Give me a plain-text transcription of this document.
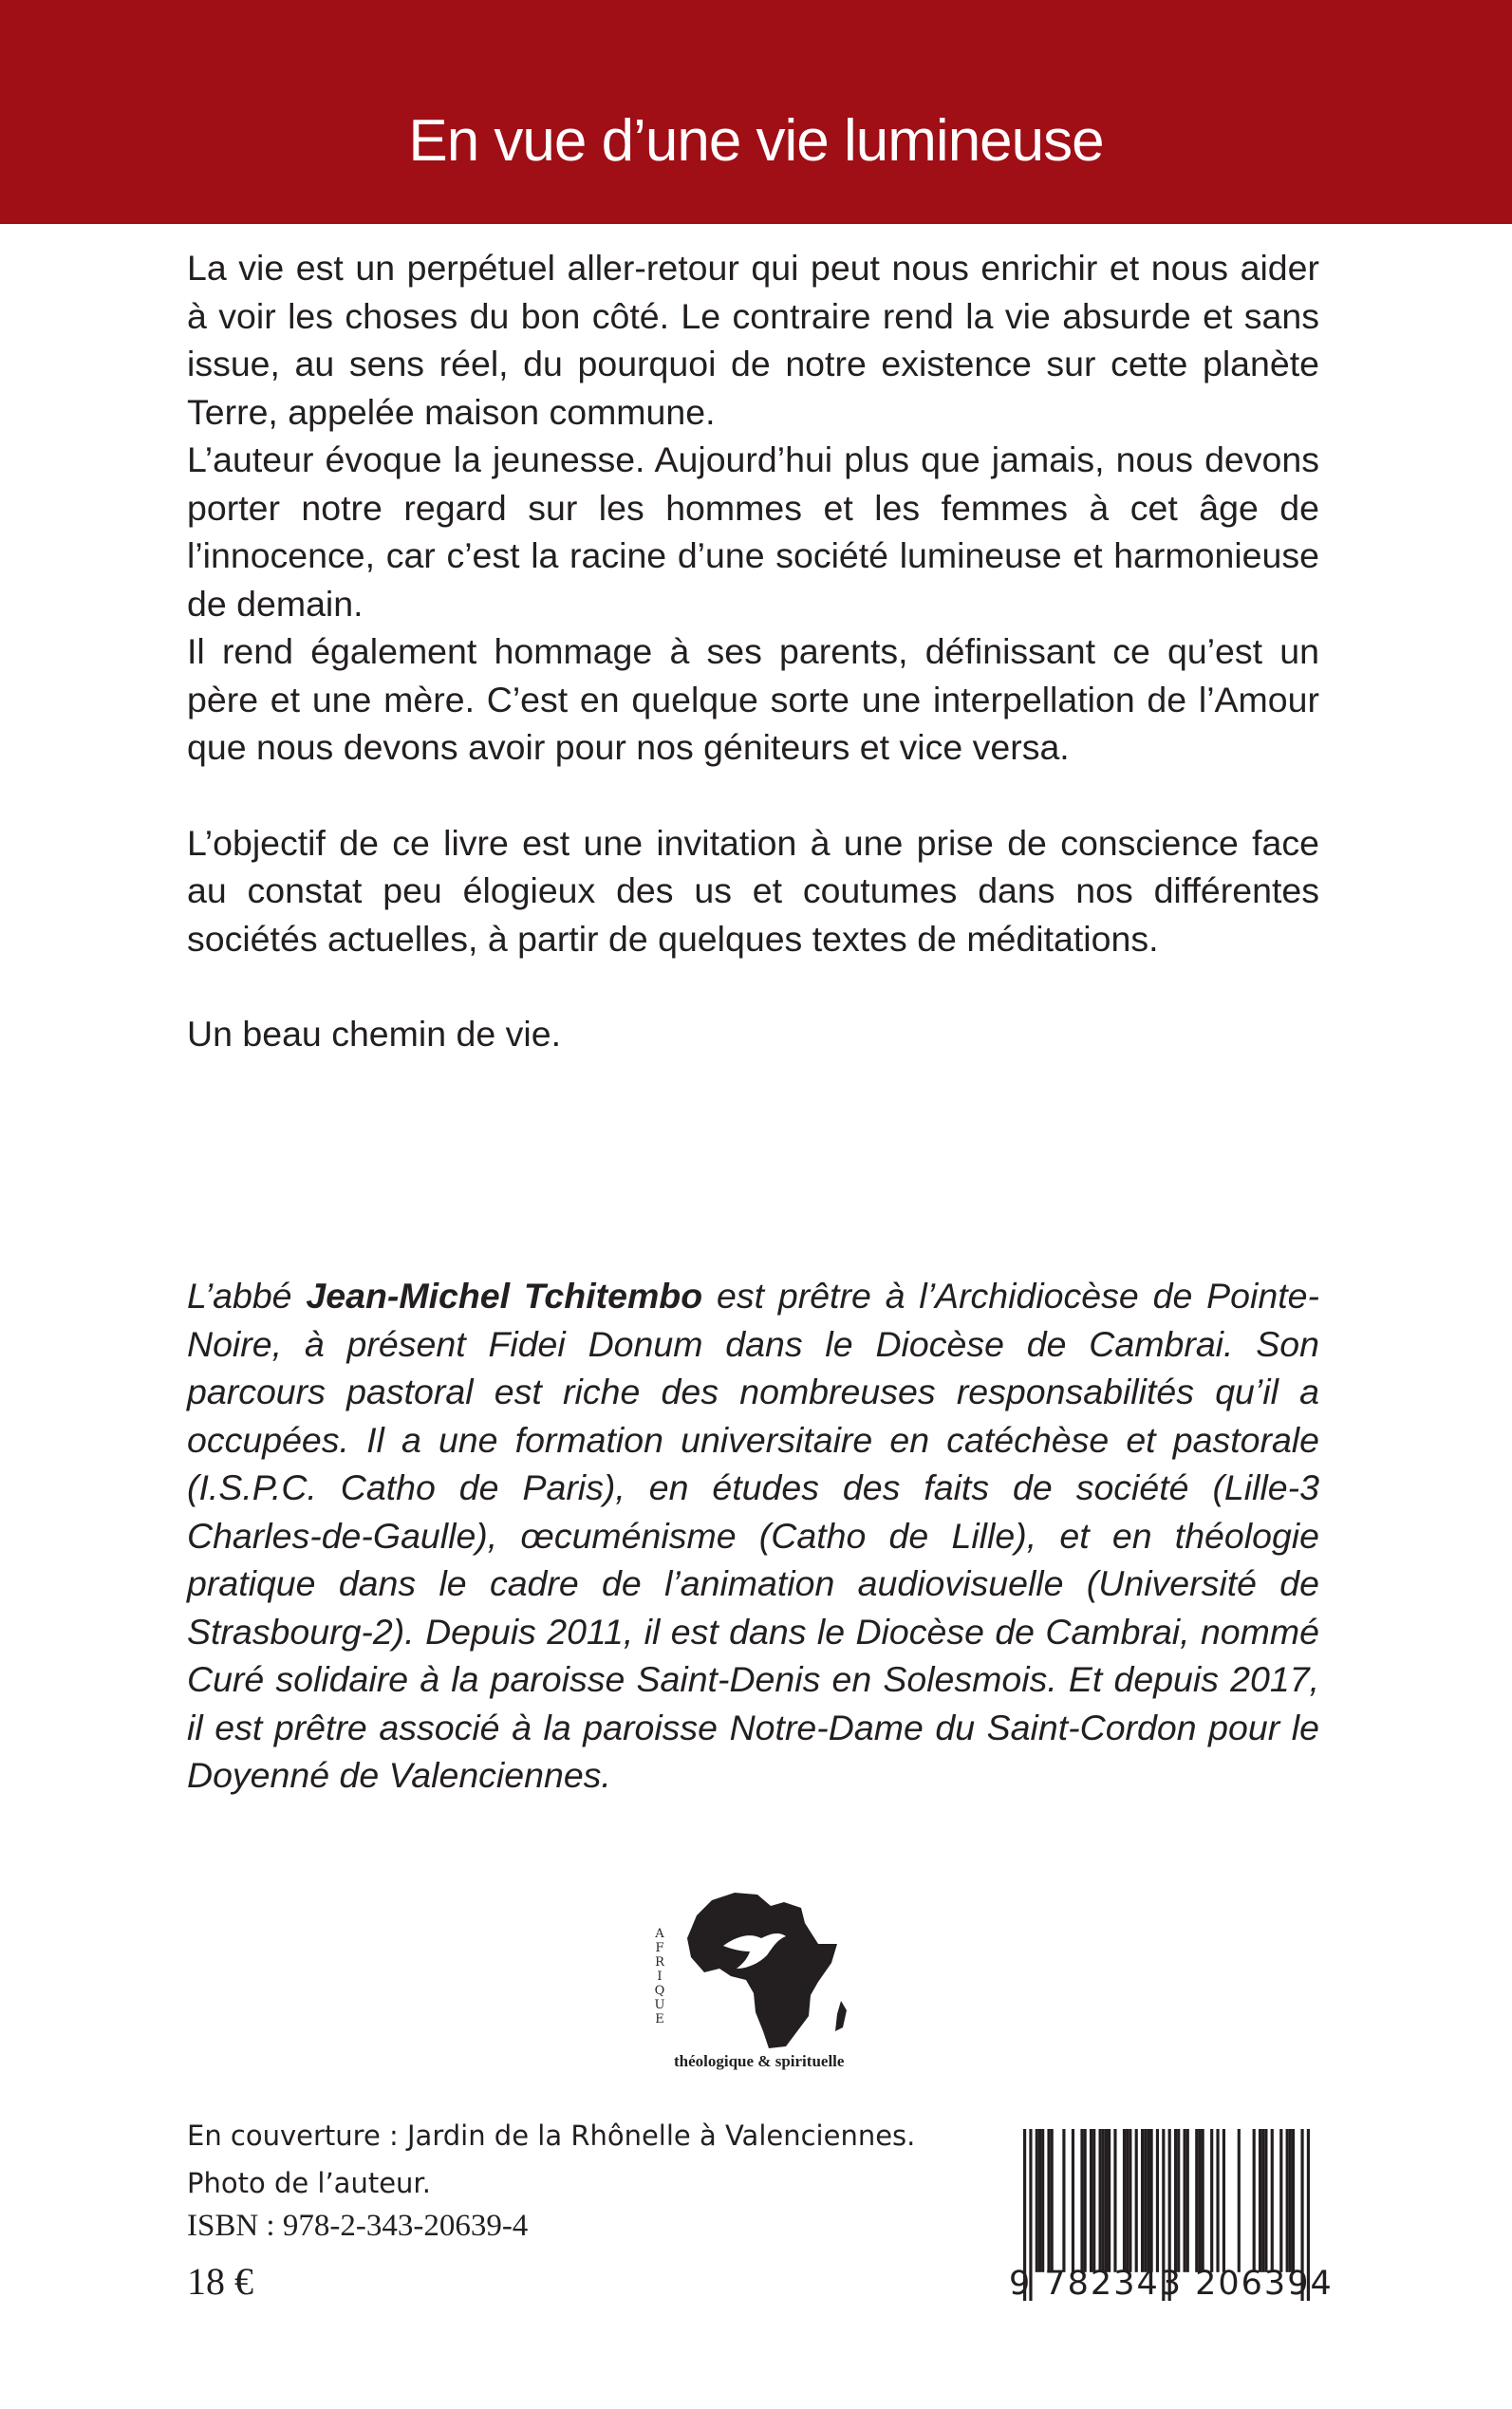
En vue d’une vie lumineuse

La vie est un perpétuel aller-retour qui peut nous enrichir et nous aider à voir les choses du bon côté. Le contraire rend la vie absurde et sans issue, au sens réel, du pourquoi de notre existence sur cette planète Terre, appelée maison commune.

L’auteur évoque la jeunesse. Aujourd’hui plus que jamais, nous devons porter notre regard sur les hommes et les femmes à cet âge de l’innocence, car c’est la racine d’une société lumineuse et harmonieuse de demain.

Il rend également hommage à ses parents, définissant ce qu’est un père et une mère. C’est en quelque sorte une interpellation de l’Amour que nous devons avoir pour nos géniteurs et vice versa.

L’objectif de ce livre est une invitation à une prise de conscience face au constat peu élogieux des us et coutumes dans nos différentes sociétés actuelles, à partir de quelques textes de méditations.

Un beau chemin de vie.

L’abbé Jean-Michel Tchitembo est prêtre à l’Archidiocèse de Pointe-Noire, à présent Fidei Donum dans le Diocèse de Cambrai. Son parcours pastoral est riche des nombreuses responsabilités qu’il a occupées. Il a une formation universitaire en catéchèse et pastorale (I.S.P.C. Catho de Paris), en études des faits de société (Lille-3 Charles-de-Gaulle), œcuménisme (Catho de Lille), et en théologie pratique dans le cadre de l’animation audiovisuelle (Université de Strasbourg-2). Depuis 2011, il est dans le Diocèse de Cambrai, nommé Curé solidaire à la paroisse Saint-Denis en Solesmois. Et depuis 2017, il est prêtre associé à la paroisse Notre-Dame du Saint-Cordon pour le Doyenné de Valenciennes.
A
F
R
I
Q
U
E
théologique & spirituelle
En couverture : Jardin de la Rhônelle à Valenciennes.
Photo de l’auteur.
ISBN : 978-2-343-20639-4
18 €	9 782343 206394
